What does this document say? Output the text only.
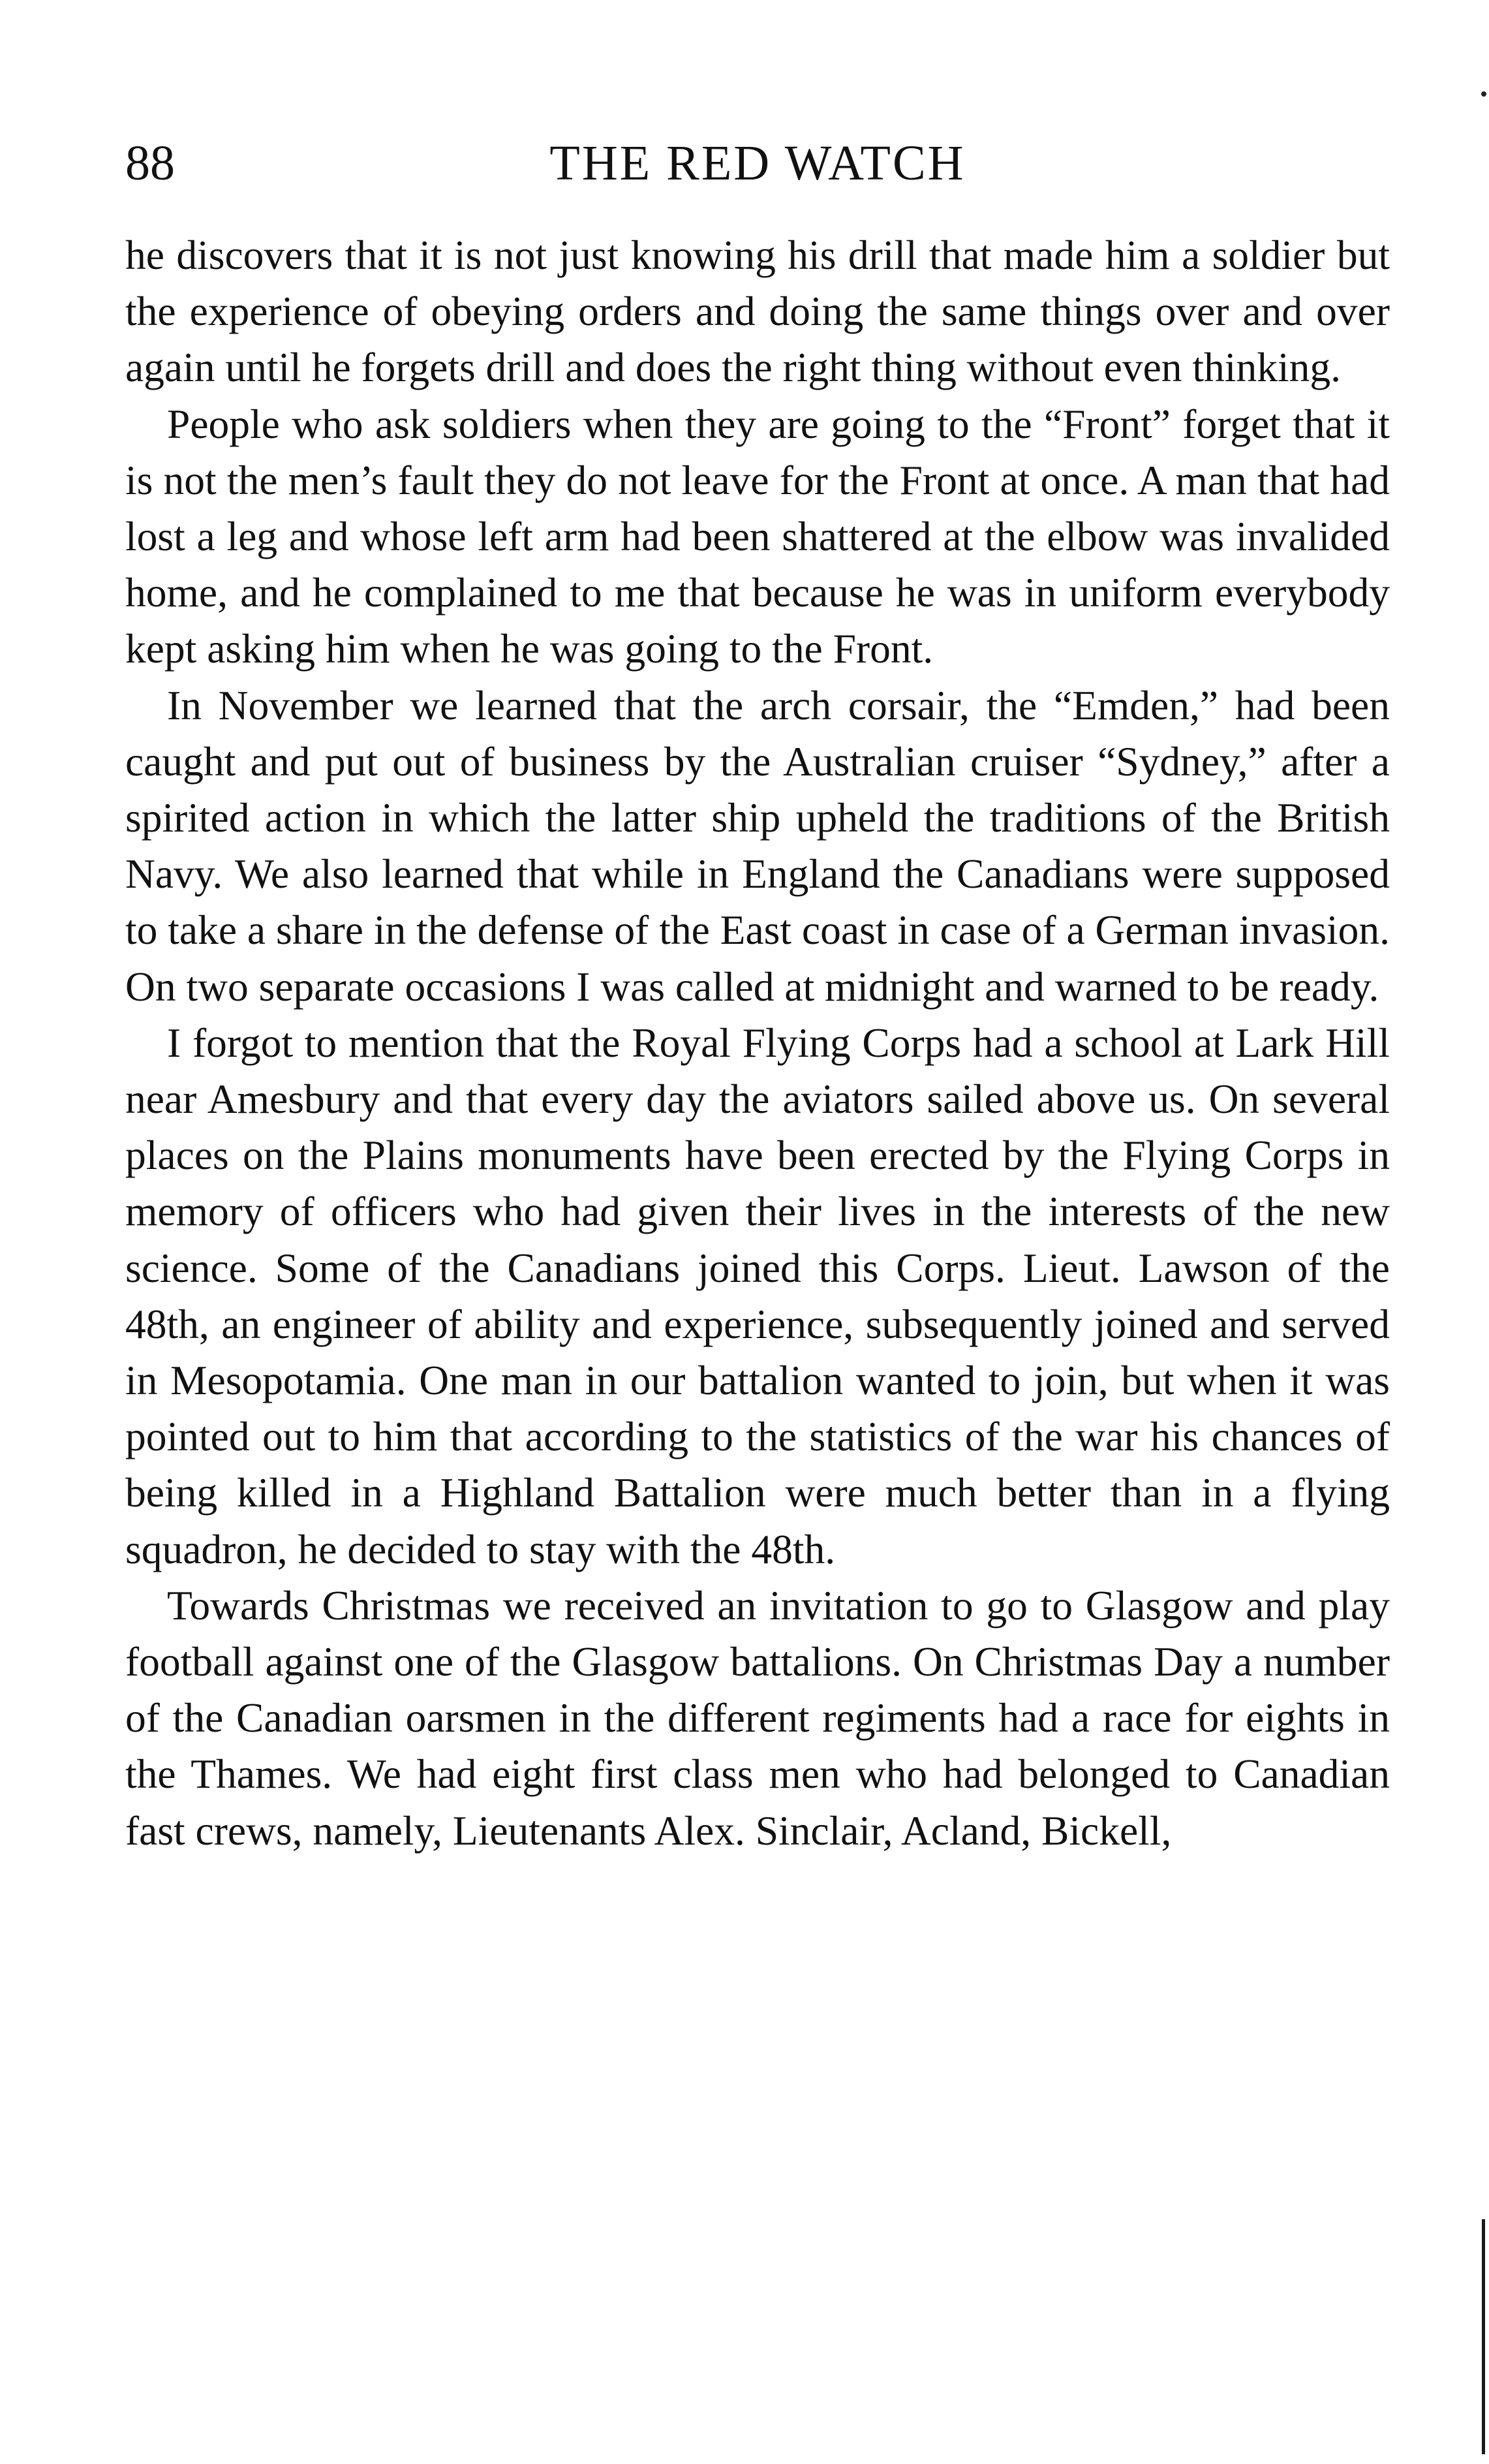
88	THE RED WATCH

he discovers that it is not just knowing his drill that made him a soldier but the experience of obeying orders and doing the same things over and over again until he forgets drill and does the right thing without even thinking.

People who ask soldiers when they are going to the “Front” forget that it is not the men’s fault they do not leave for the Front at once. A man that had lost a leg and whose left arm had been shattered at the elbow was invalided home, and he complained to me that because he was in uniform everybody kept asking him when he was going to the Front.

In November we learned that the arch corsair, the “Emden,” had been caught and put out of business by the Australian cruiser “Sydney,” after a spirited action in which the latter ship upheld the traditions of the British Navy. We also learned that while in England the Canadians were supposed to take a share in the defense of the East coast in case of a German invasion. On two separate occasions I was called at midnight and warned to be ready.

I forgot to mention that the Royal Flying Corps had a school at Lark Hill near Amesbury and that every day the aviators sailed above us. On several places on the Plains monuments have been erected by the Flying Corps in memory of officers who had given their lives in the interests of the new science. Some of the Canadians joined this Corps. Lieut. Lawson of the 48th, an engineer of ability and experience, subsequently joined and served in Mesopotamia. One man in our battalion wanted to join, but when it was pointed out to him that according to the statistics of the war his chances of being killed in a Highland Battalion were much better than in a flying squadron, he decided to stay with the 48th.

Towards Christmas we received an invitation to go to Glasgow and play football against one of the Glasgow battalions. On Christmas Day a number of the Canadian oarsmen in the different regiments had a race for eights in the Thames. We had eight first class men who had belonged to Canadian fast crews, namely, Lieutenants Alex. Sinclair, Acland, Bickell,
